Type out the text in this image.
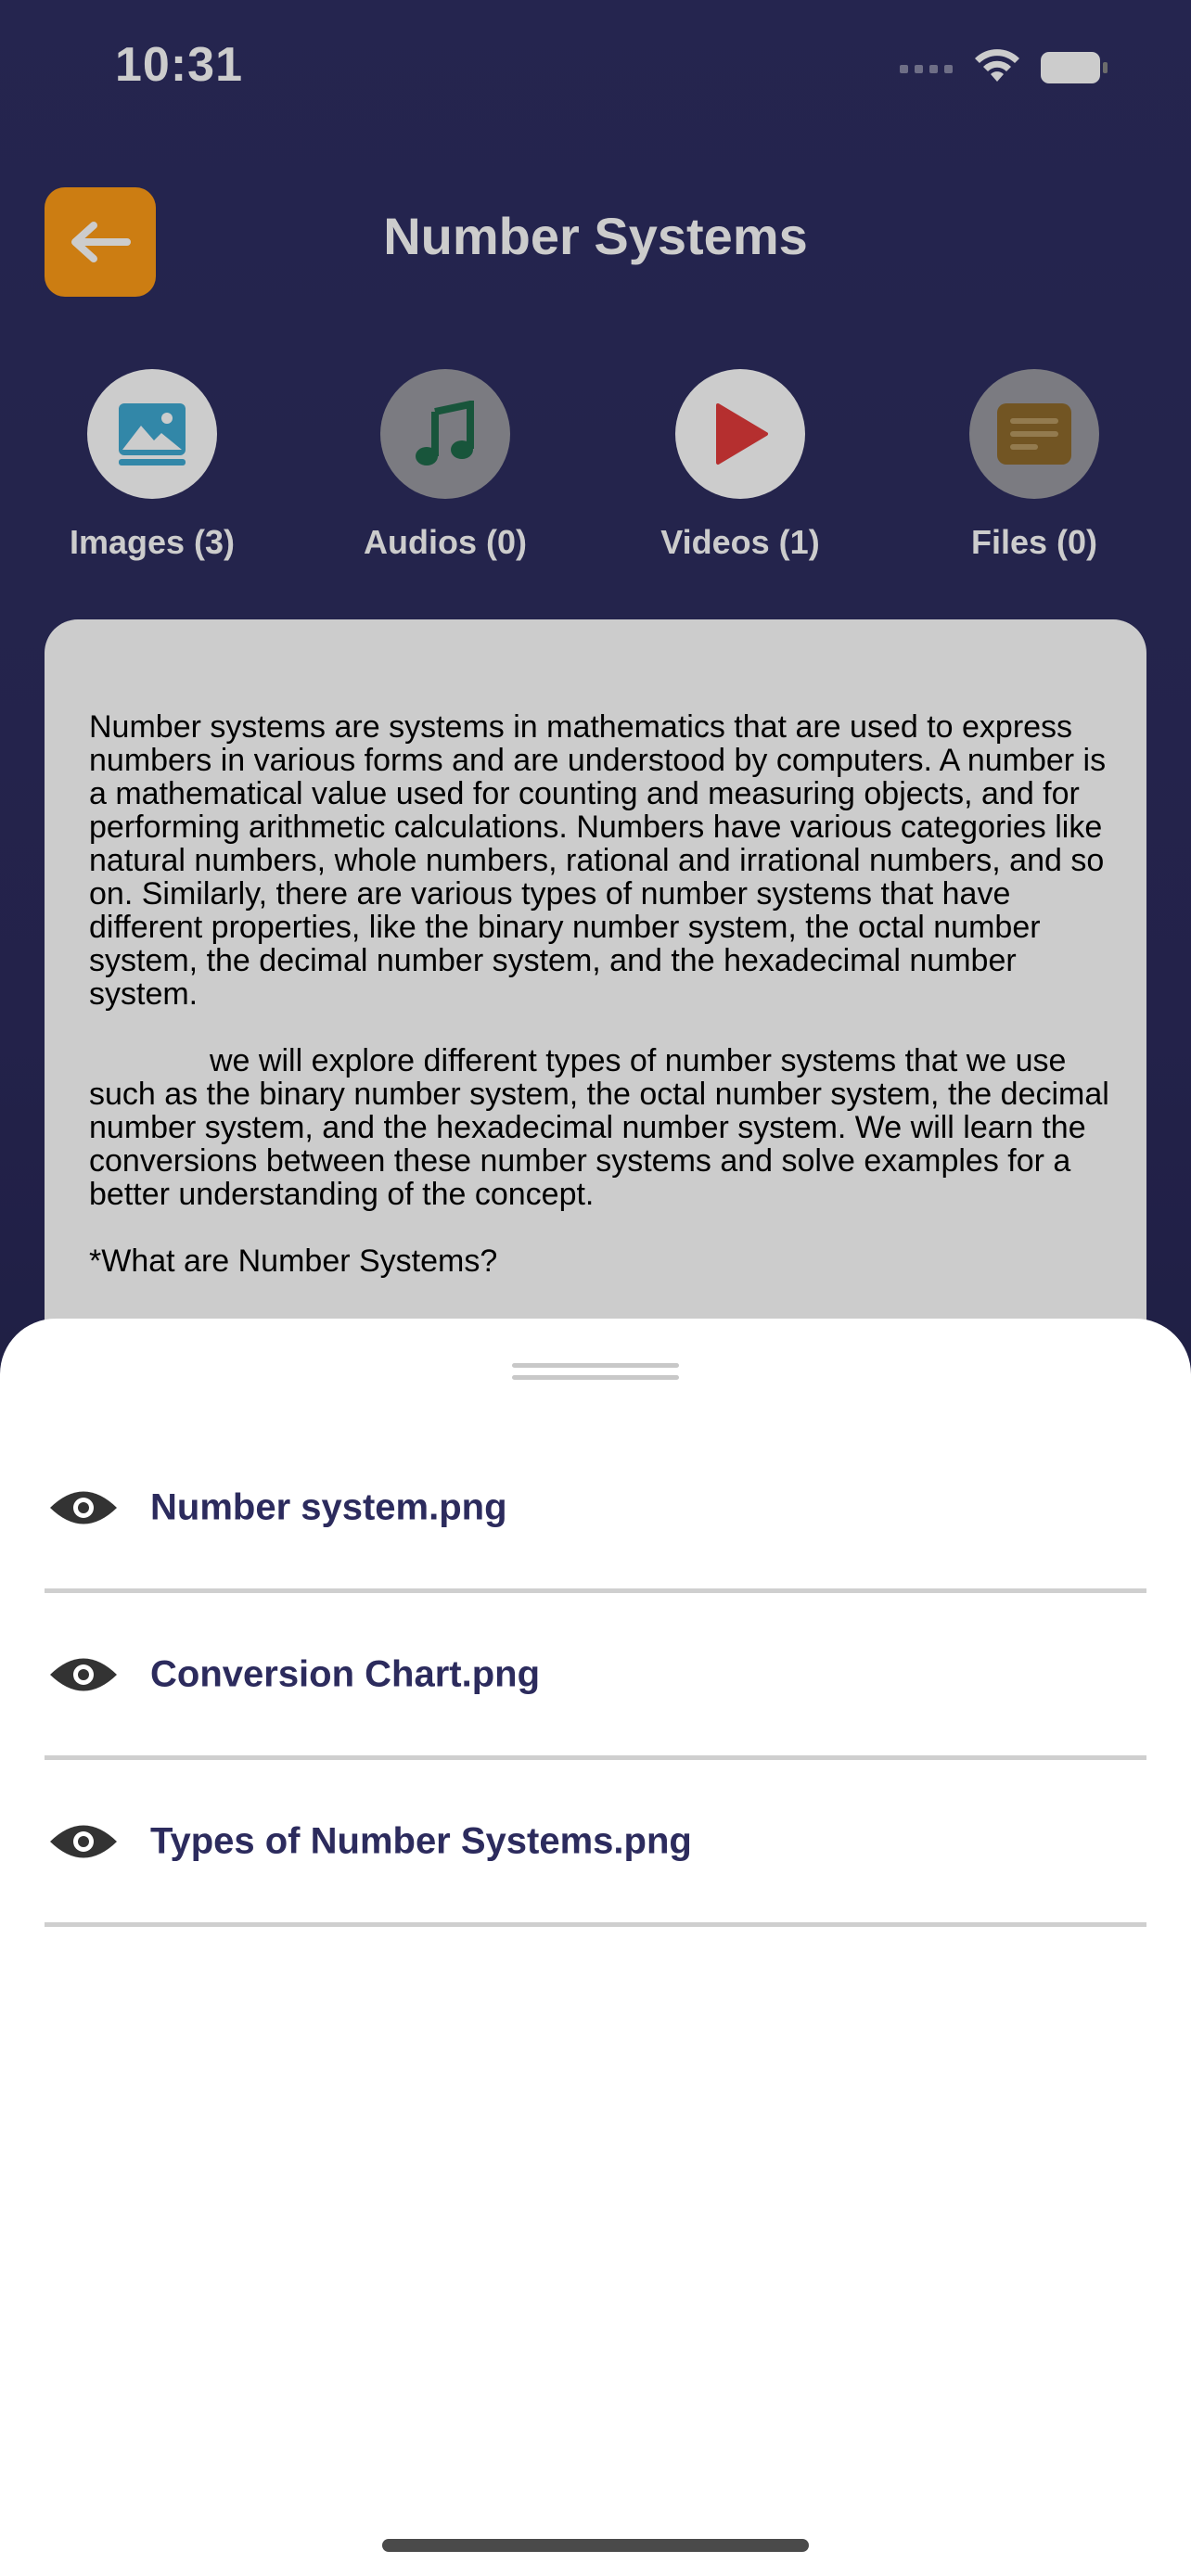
10:31
Number Systems
Images (3)	Audios (0)	Videos (1)	Files (0)

Number systems are systems in mathematics that are used to express numbers in various forms and are understood by computers. A number is a mathematical value used for counting and measuring objects, and for performing arithmetic calculations. Numbers have various categories like natural numbers, whole numbers, rational and irrational numbers, and so on. Similarly, there are various types of number systems that have different properties, like the binary number system, the octal number system, the decimal number system, and the hexadecimal number system.

we will explore different types of number systems that we use such as the binary number system, the octal number system, the decimal number system, and the hexadecimal number system. We will learn the conversions between these number systems and solve examples for a better understanding of the concept.

*What are Number Systems?

Number system.png
Conversion Chart.png
Types of Number Systems.png
